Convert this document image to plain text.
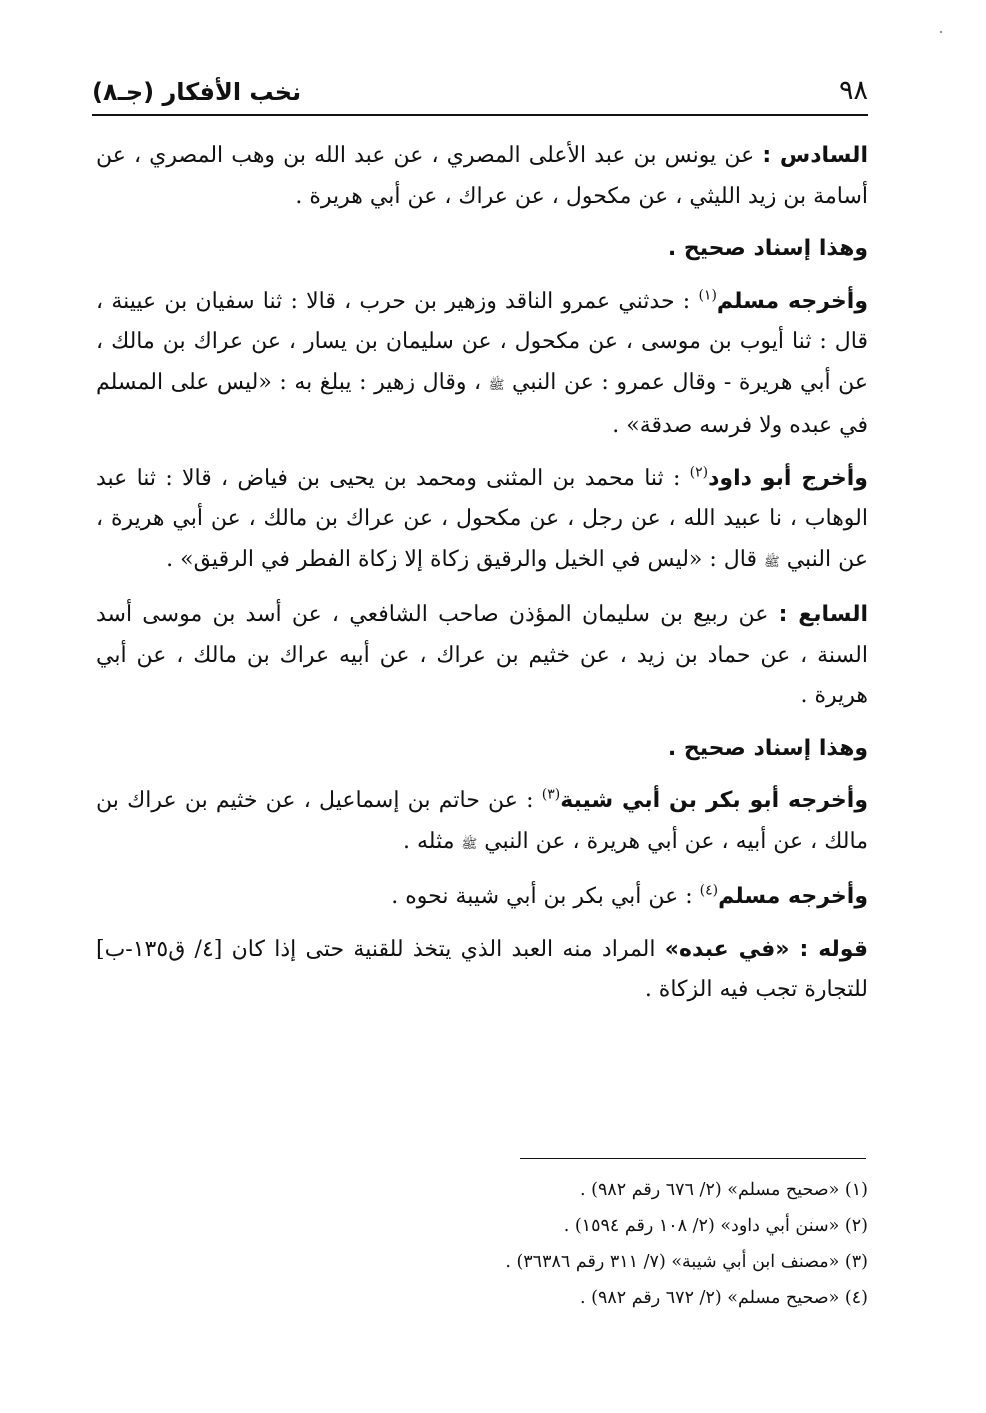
٩٨
نخب الأفكار (جـ٨)

السادس : عن يونس بن عبد الأعلى المصري ، عن عبد الله بن وهب المصري ، عن أسامة بن زيد الليثي ، عن مكحول ، عن عراك ، عن أبي هريرة .

وهذا إسناد صحيح .

وأخرجه مسلم$^{(١)}$ : حدثني عمرو الناقد وزهير بن حرب ، قالا : ثنا سفيان بن عيينة ، قال : ثنا أيوب بن موسى ، عن مكحول ، عن سليمان بن يسار ، عن عراك بن مالك ، عن أبي هريرة - وقال عمرو : عن النبي ﷺ ، وقال زهير : يبلغ به : «ليس على المسلم في عبده ولا فرسه صدقة» .

وأخرج أبو داود$^{(٢)}$ : ثنا محمد بن المثنى ومحمد بن يحيى بن فياض ، قالا : ثنا عبد الوهاب ، نا عبيد الله ، عن رجل ، عن مكحول ، عن عراك بن مالك ، عن أبي هريرة ، عن النبي ﷺ قال : «ليس في الخيل والرقيق زكاة إلا زكاة الفطر في الرقيق» .

السابع : عن ربيع بن سليمان المؤذن صاحب الشافعي ، عن أسد بن موسى أسد السنة ، عن حماد بن زيد ، عن خثيم بن عراك ، عن أبيه عراك بن مالك ، عن أبي هريرة .

وهذا إسناد صحيح .

وأخرجه أبو بكر بن أبي شيبة$^{(٣)}$ : عن حاتم بن إسماعيل ، عن خثيم بن عراك بن مالك ، عن أبيه ، عن أبي هريرة ، عن النبي ﷺ مثله .

وأخرجه مسلم$^{(٤)}$ : عن أبي بكر بن أبي شيبة نحوه .

قوله : «في عبده» المراد منه العبد الذي يتخذ للقنية حتى إذا كان [٤/ ق١٣٥-ب] للتجارة تجب فيه الزكاة .

(١) «صحيح مسلم» (٢/ ٦٧٦ رقم ٩٨٢) .

(٢) «سنن أبي داود» (٢/ ١٠٨ رقم ١٥٩٤) .

(٣) «مصنف ابن أبي شيبة» (٧/ ٣١١ رقم ٣٦٣٨٦) .

(٤) «صحيح مسلم» (٢/ ٦٧٢ رقم ٩٨٢) .
